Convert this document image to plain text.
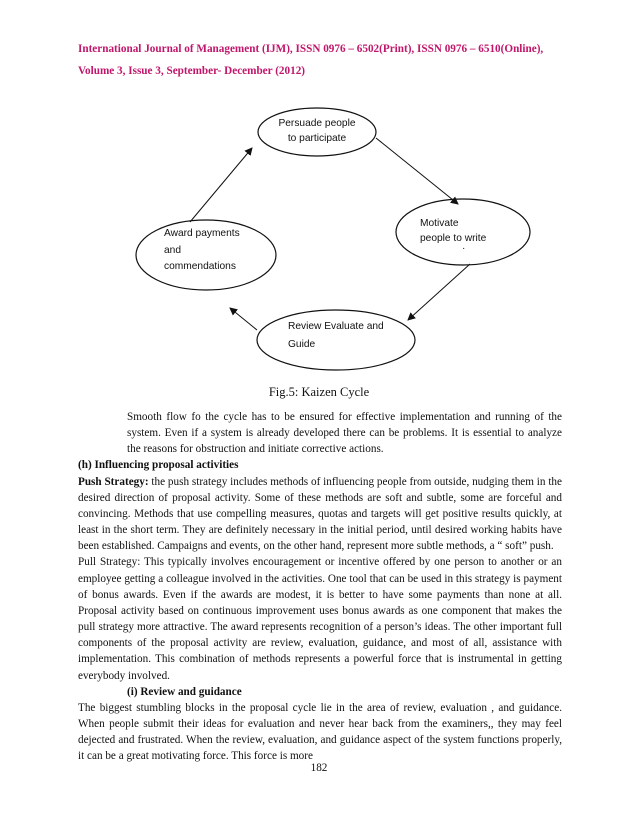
International Journal of Management (IJM), ISSN 0976 – 6502(Print), ISSN 0976 – 6510(Online),
Volume 3, Issue 3, September- December (2012)
Persuade people
to participate
Motivate
people to write
·
Review Evaluate and
Guide
Award payments
and
commendations
Fig.5: Kaizen Cycle

Smooth flow fo the cycle has to be ensured for effective implementation and running of the system. Even if a system is already developed there can be problems. It is essential to analyze the reasons for obstruction and initiate corrective actions.

(h) Influencing proposal activities

Push Strategy: the push strategy includes methods of influencing people from outside, nudging them in the desired direction of proposal activity. Some of these methods are soft and subtle, some are forceful and convincing. Methods that use compelling measures, quotas and targets will get positive results quickly, at least in the short term. They are definitely necessary in the initial period, until desired working habits have been established. Campaigns and events, on the other hand, represent more subtle methods, a “ soft” push.

Pull Strategy: This typically involves encouragement or incentive offered by one person to another or an employee getting a colleague involved in the activities. One tool that can be used in this strategy is payment of bonus awards. Even if the awards are modest, it is better to have some payments than none at all. Proposal activity based on continuous improvement uses bonus awards as one component that makes the pull strategy more attractive. The award represents recognition of a person’s ideas. The other important full components of the proposal activity are review, evaluation, guidance, and most of all, assistance with implementation. This combination of methods represents a powerful force that is instrumental in getting everybody involved.

(i) Review and guidance

The biggest stumbling blocks in the proposal cycle lie in the area of review, evaluation , and guidance. When people submit their ideas for evaluation and never hear back from the examiners,, they may feel dejected and frustrated. When the review, evaluation, and guidance aspect of the system functions properly, it can be a great motivating force. This force is more

182
